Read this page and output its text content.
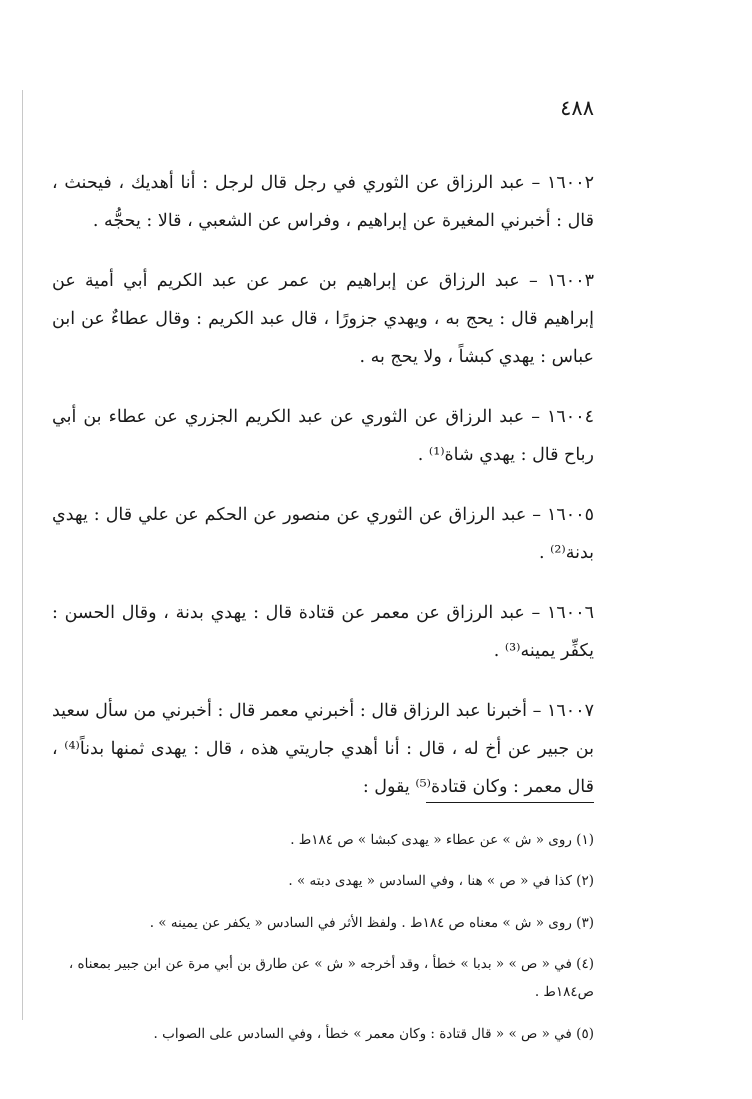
٤٨٨

١٦٠٠٢ – عبد الرزاق عن الثوري في رجل قال لرجل : أنا أهديك ، فيحنث ، قال : أخبرني المغيرة عن إبراهيم ، وفراس عن الشعبي ، قالا : يحجُّه .

١٦٠٠٣ – عبد الرزاق عن إبراهيم بن عمر عن عبد الكريم أبي أمية عن إبراهيم قال : يحج به ، ويهدي جزورًا ، قال عبد الكريم : وقال عطاءٌ عن ابن عباس : يهدي كبشاً ، ولا يحج به .

١٦٠٠٤ – عبد الرزاق عن الثوري عن عبد الكريم الجزري عن عطاء بن أبي رباح قال : يهدي شاة⁽¹⁾ .

١٦٠٠٥ – عبد الرزاق عن الثوري عن منصور عن الحكم عن علي قال : يهدي بدنة⁽²⁾ .

١٦٠٠٦ – عبد الرزاق عن معمر عن قتادة قال : يهدي بدنة ، وقال الحسن : يكفِّر يمينه⁽³⁾ .

١٦٠٠٧ – أخبرنا عبد الرزاق قال : أخبرني معمر قال : أخبرني من سأل سعيد بن جبير عن أخ له ، قال : أنا أهدي جاريتي هذه ، قال : يهدى ثمنها بدناً⁽⁴⁾ ، قال معمر : وكان قتادة⁽⁵⁾ يقول :

(١) روى « ش » عن عطاء « يهدى كبشا » ص ١٨٤ط .

(٢) كذا في « ص » هنا ، وفي السادس « يهدى دبته » .

(٣) روى « ش » معناه ص ١٨٤ط . ولفظ الأثر في السادس « يكفر عن يمينه » .

(٤) في « ص » « بدبا » خطأ ، وقد أخرجه « ش » عن طارق بن أبي مرة عن ابن جبير بمعناه ، ص١٨٤ط .

(٥) في « ص » « قال قتادة : وكان معمر » خطأ ، وفي السادس على الصواب .
